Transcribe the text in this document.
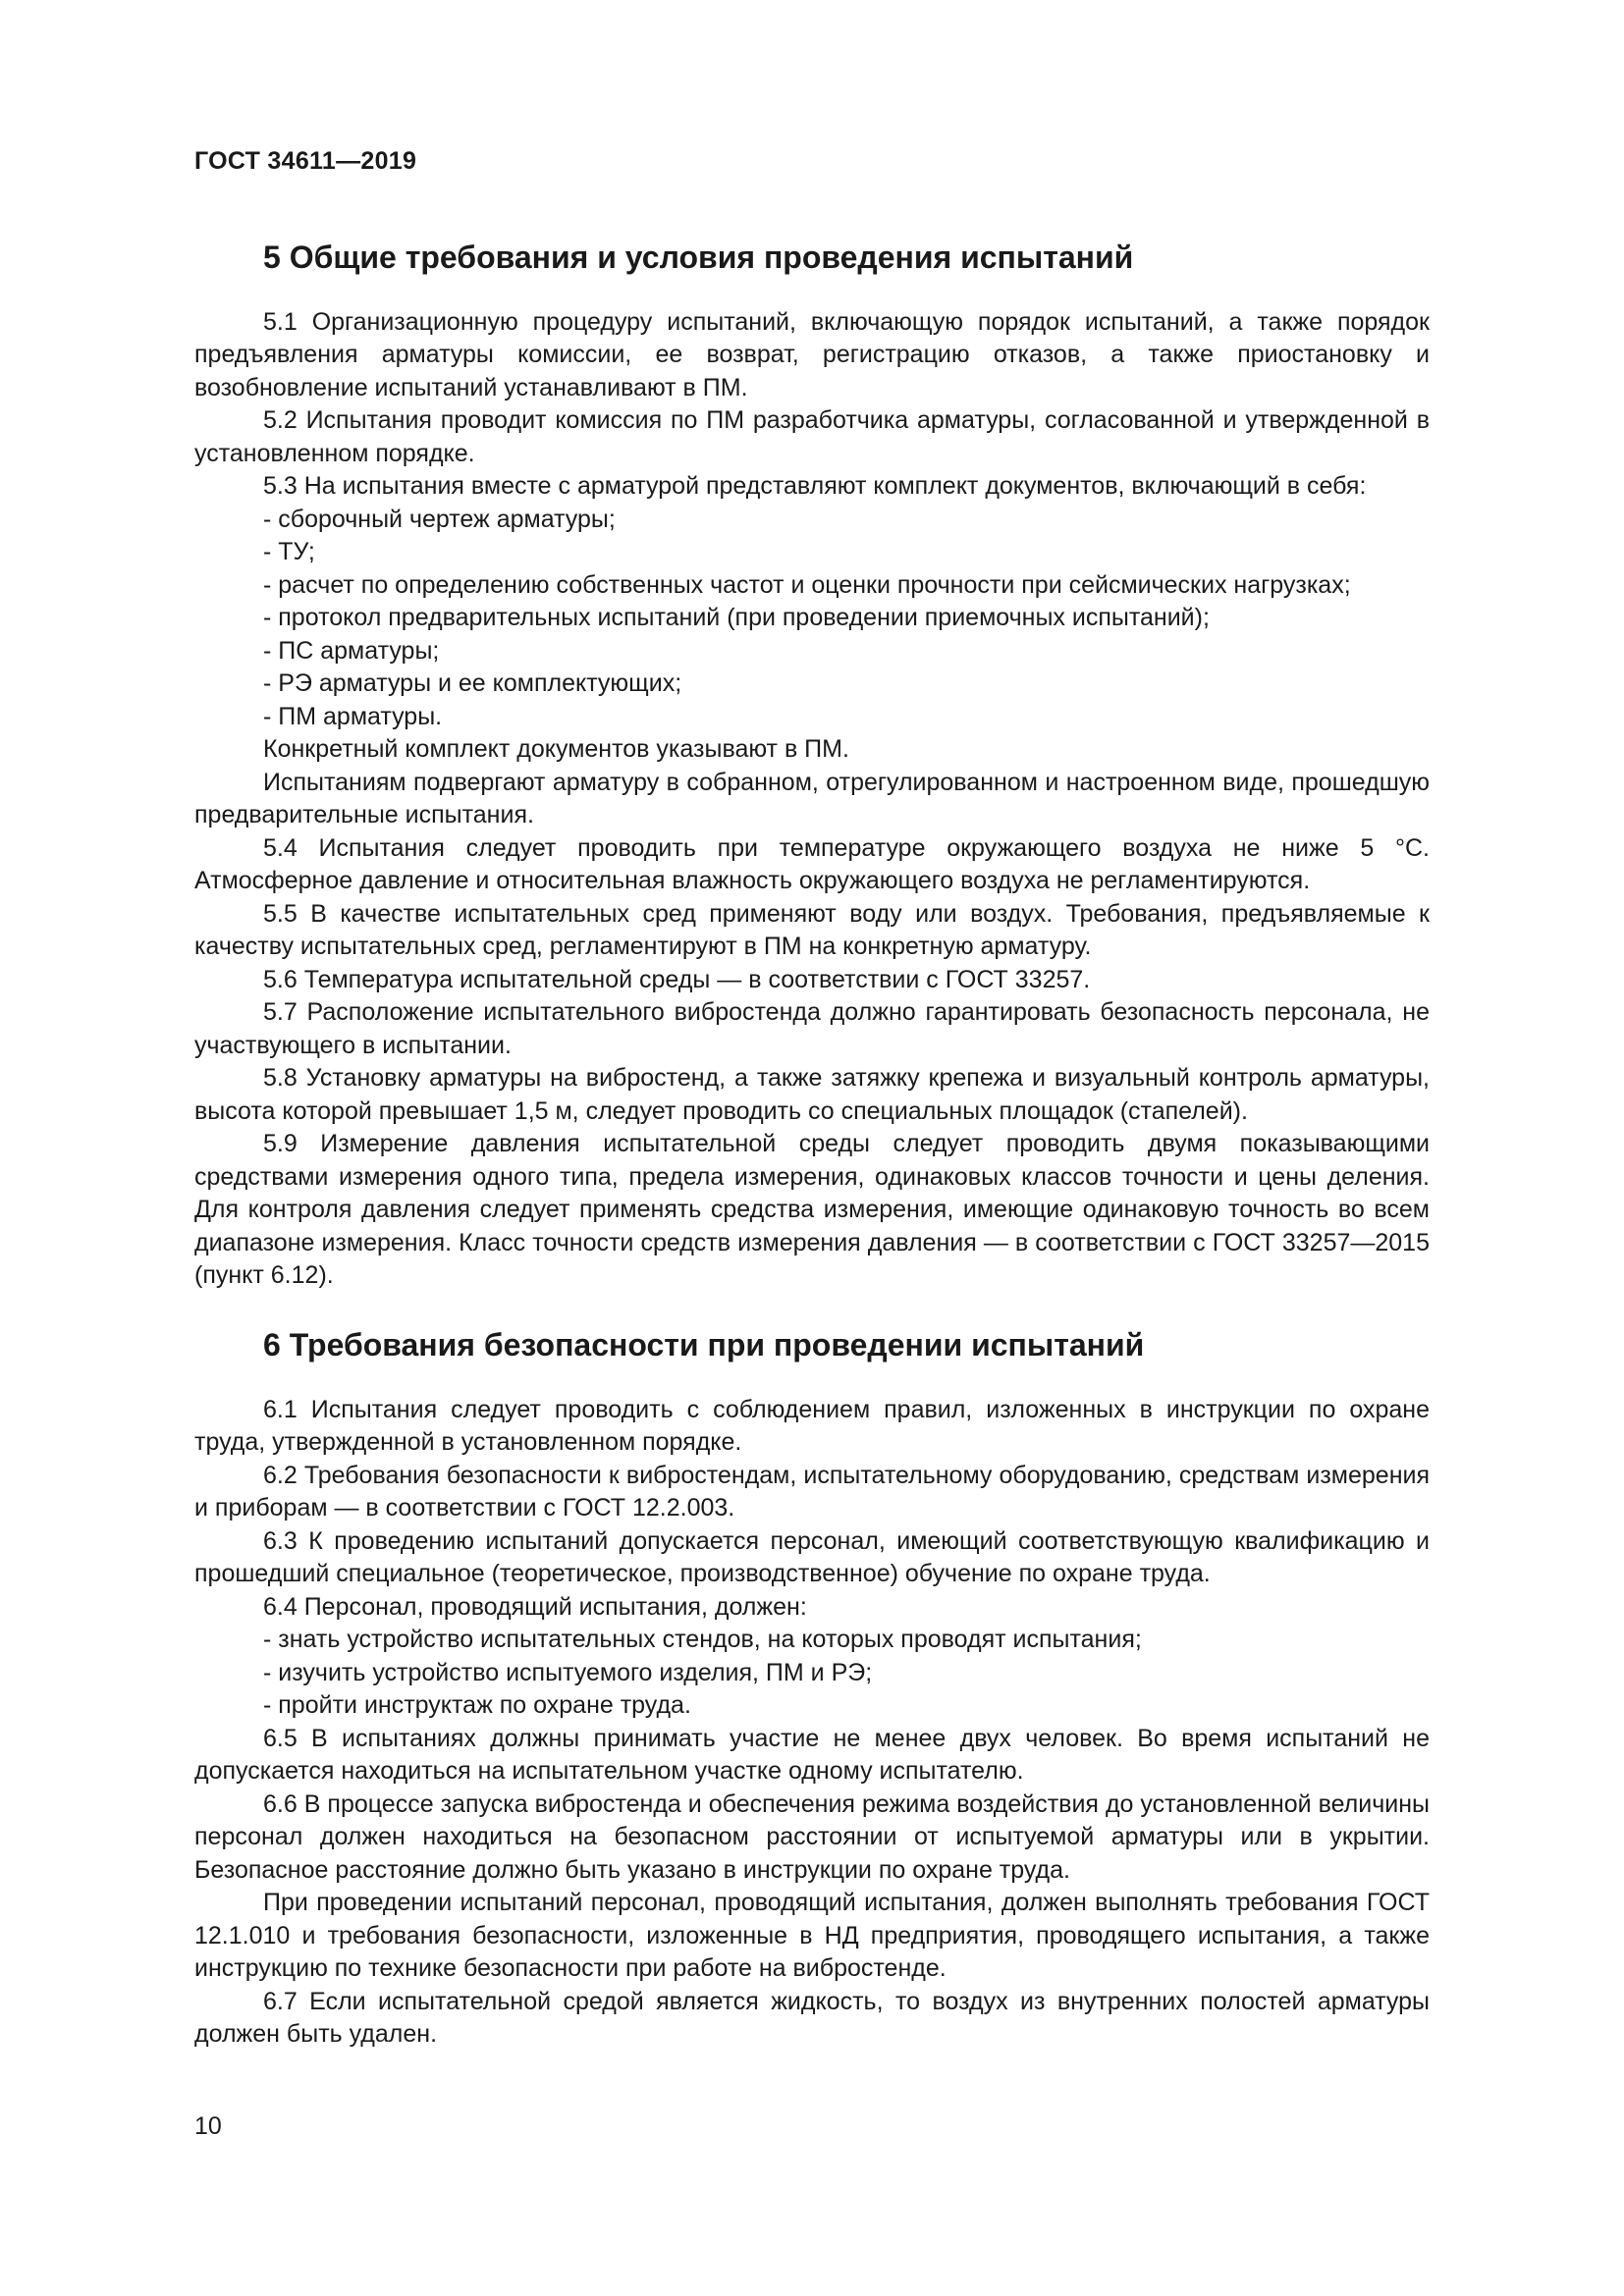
ГОСТ 34611—2019
5 Общие требования и условия проведения испытаний

5.1 Организационную процедуру испытаний, включающую порядок испытаний, а также порядок предъявления арматуры комиссии, ее возврат, регистрацию отказов, а также приостановку и возобновление испытаний устанавливают в ПМ.

5.2 Испытания проводит комиссия по ПМ разработчика арматуры, согласованной и утвержденной в установленном порядке.

5.3 На испытания вместе с арматурой представляют комплект документов, включающий в себя:

- сборочный чертеж арматуры;
- ТУ;
- расчет по определению собственных частот и оценки прочности при сейсмических нагрузках;
- протокол предварительных испытаний (при проведении приемочных испытаний);
- ПС арматуры;
- РЭ арматуры и ее комплектующих;
- ПМ арматуры.

Конкретный комплект документов указывают в ПМ.

Испытаниям подвергают арматуру в собранном, отрегулированном и настроенном виде, прошедшую предварительные испытания.

5.4 Испытания следует проводить при температуре окружающего воздуха не ниже 5 °С. Атмосферное давление и относительная влажность окружающего воздуха не регламентируются.

5.5 В качестве испытательных сред применяют воду или воздух. Требования, предъявляемые к качеству испытательных сред, регламентируют в ПМ на конкретную арматуру.

5.6 Температура испытательной среды — в соответствии с ГОСТ 33257.

5.7 Расположение испытательного вибростенда должно гарантировать безопасность персонала, не участвующего в испытании.

5.8 Установку арматуры на вибростенд, а также затяжку крепежа и визуальный контроль арматуры, высота которой превышает 1,5 м, следует проводить со специальных площадок (стапелей).

5.9 Измерение давления испытательной среды следует проводить двумя показывающими средствами измерения одного типа, предела измерения, одинаковых классов точности и цены деления. Для контроля давления следует применять средства измерения, имеющие одинаковую точность во всем диапазоне измерения. Класс точности средств измерения давления — в соответствии с ГОСТ 33257—2015 (пункт 6.12).

6 Требования безопасности при проведении испытаний

6.1 Испытания следует проводить с соблюдением правил, изложенных в инструкции по охране труда, утвержденной в установленном порядке.

6.2 Требования безопасности к вибростендам, испытательному оборудованию, средствам измерения и приборам — в соответствии с ГОСТ 12.2.003.

6.3 К проведению испытаний допускается персонал, имеющий соответствующую квалификацию и прошедший специальное (теоретическое, производственное) обучение по охране труда.

6.4 Персонал, проводящий испытания, должен:

- знать устройство испытательных стендов, на которых проводят испытания;
- изучить устройство испытуемого изделия, ПМ и РЭ;
- пройти инструктаж по охране труда.

6.5 В испытаниях должны принимать участие не менее двух человек. Во время испытаний не допускается находиться на испытательном участке одному испытателю.

6.6 В процессе запуска вибростенда и обеспечения режима воздействия до установленной величины персонал должен находиться на безопасном расстоянии от испытуемой арматуры или в укрытии. Безопасное расстояние должно быть указано в инструкции по охране труда.

При проведении испытаний персонал, проводящий испытания, должен выполнять требования ГОСТ 12.1.010 и требования безопасности, изложенные в НД предприятия, проводящего испытания, а также инструкцию по технике безопасности при работе на вибростенде.

6.7 Если испытательной средой является жидкость, то воздух из внутренних полостей арматуры должен быть удален.

10
